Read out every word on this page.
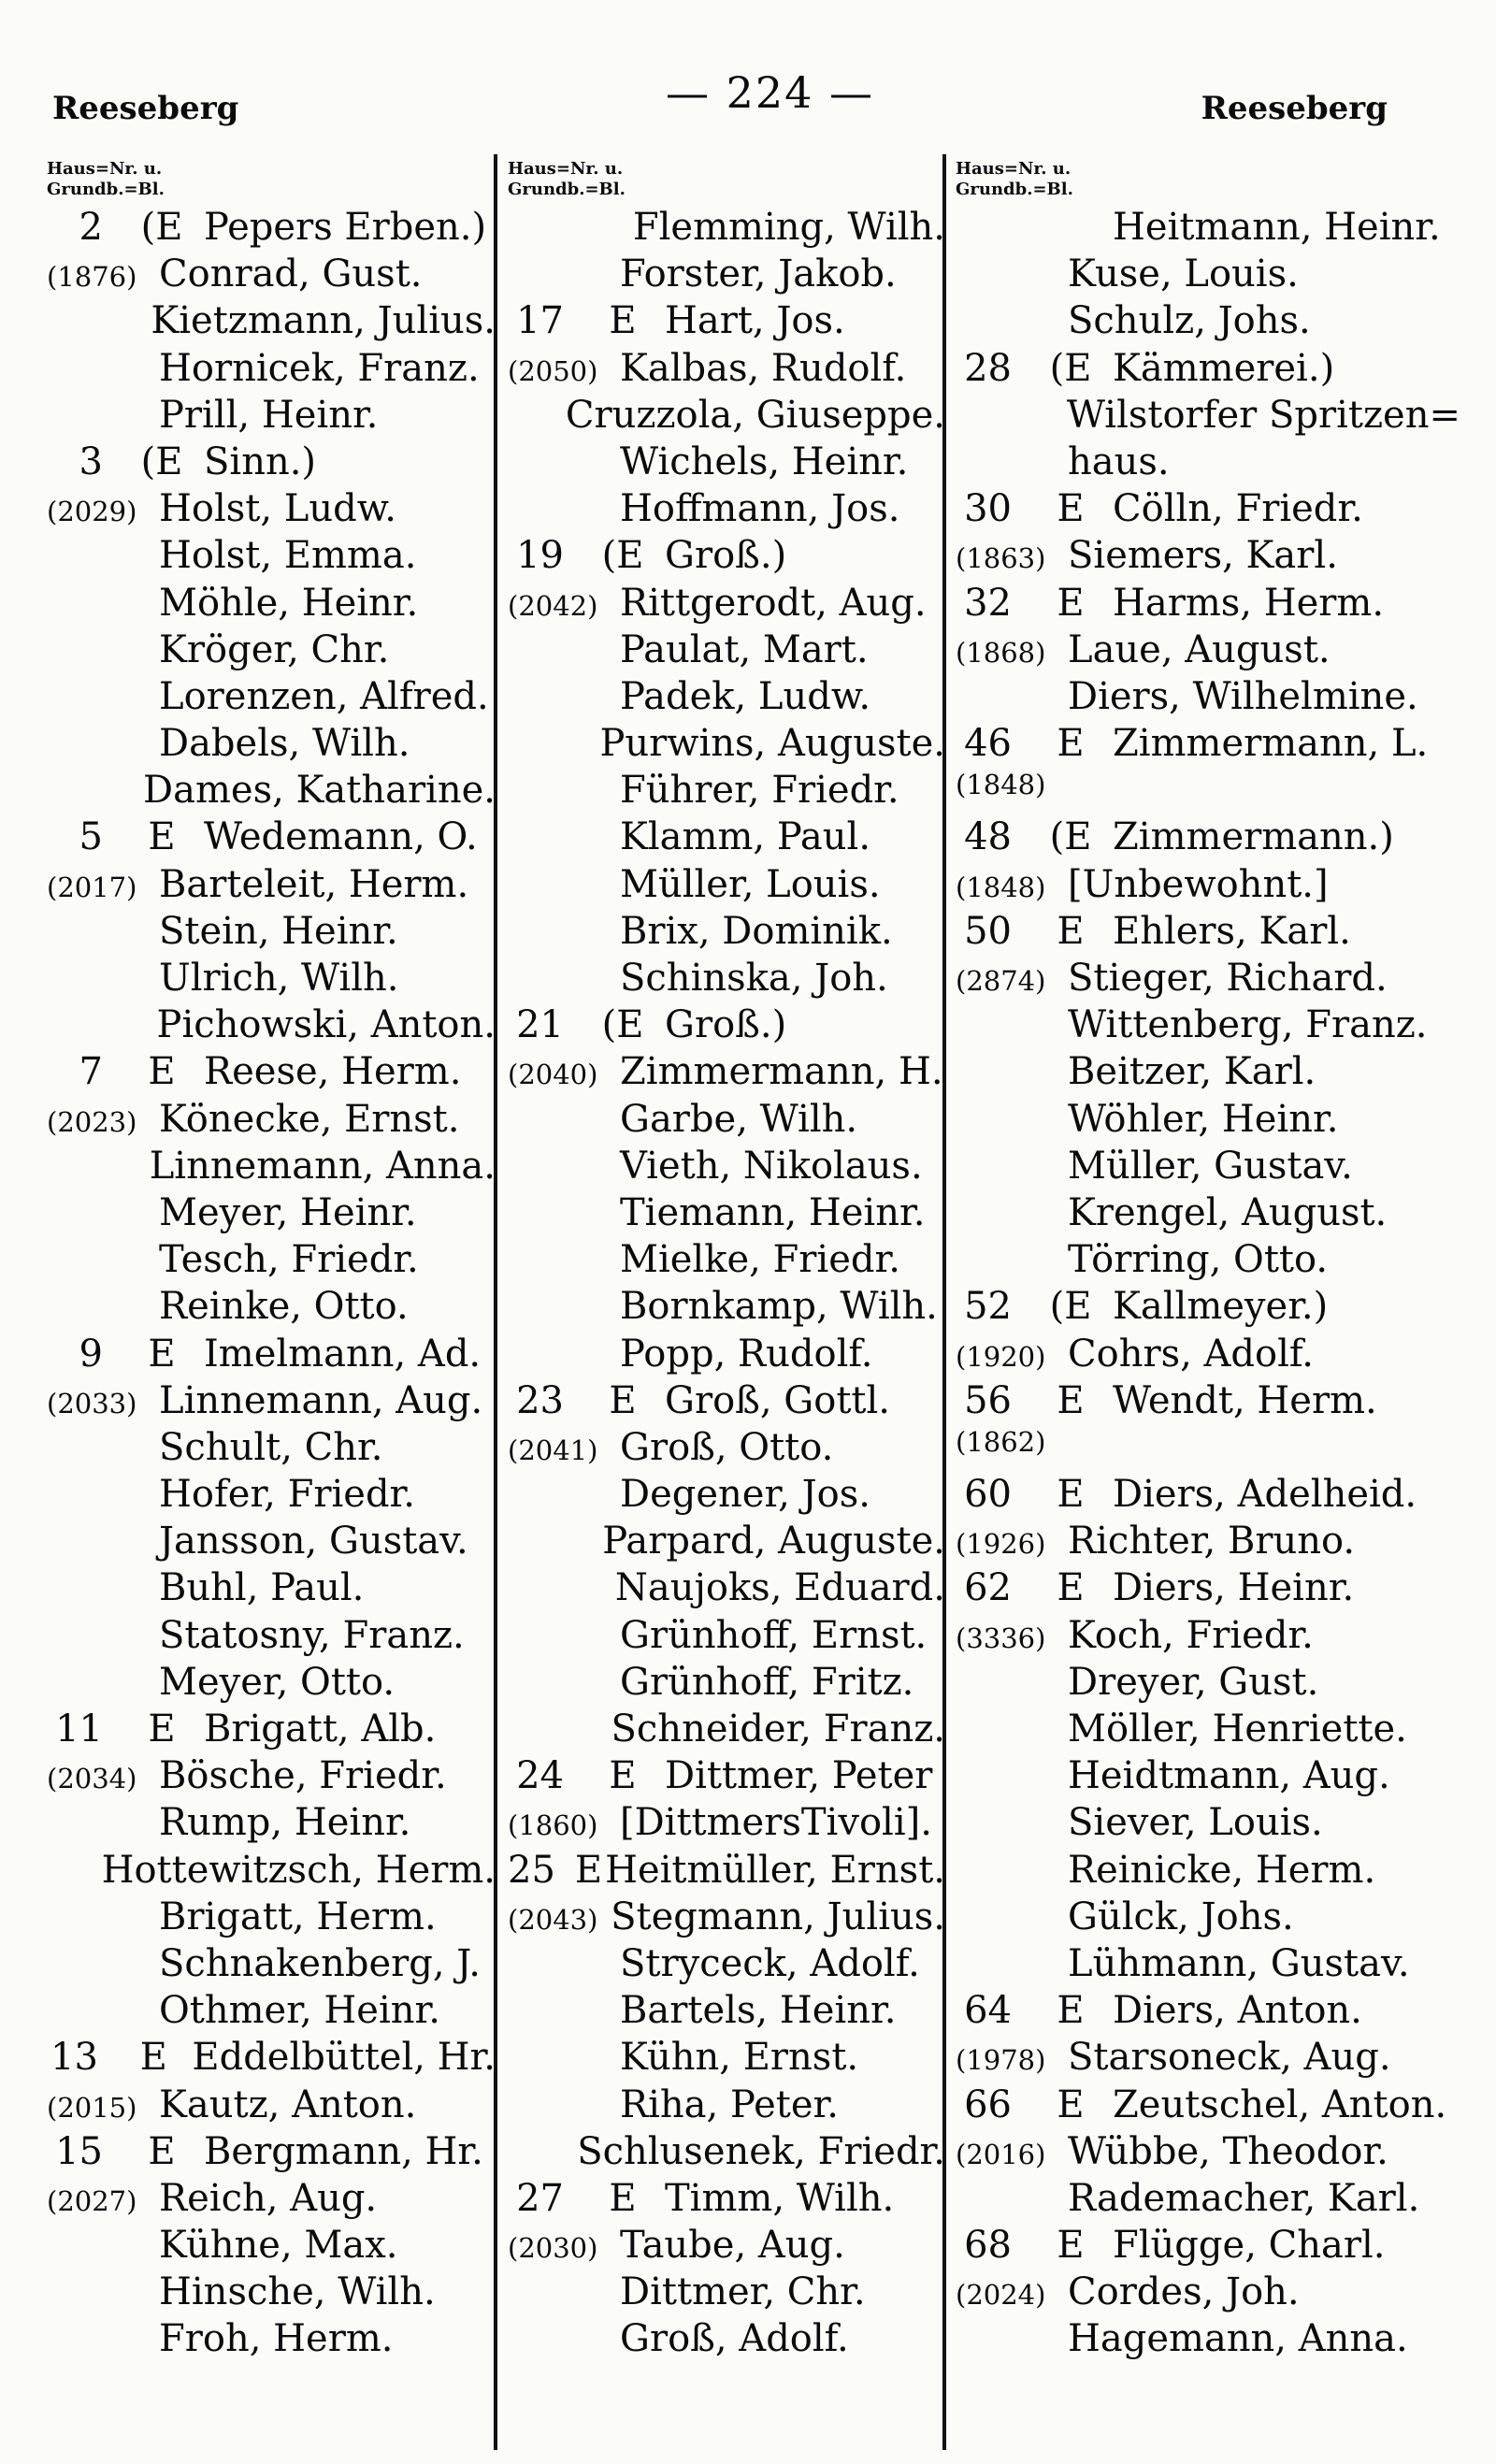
Reeseberg	— 224 —	Reeseberg
Haus=Nr. u.
Grundb.=Bl.
2	(E Pepers Erben.)
(1876) Conrad, Gust.
Kietzmann, Julius.
Hornicek, Franz.
Prill, Heinr.
3	(E Sinn.)
(2029) Holst, Ludw.
Holst, Emma.
Möhle, Heinr.
Kröger, Chr.
Lorenzen, Alfred.
Dabels, Wilh.
Dames, Katharine.
5	E Wedemann, O.
(2017) Barteleit, Herm.
Stein, Heinr.
Ulrich, Wilh.
Pichowski, Anton.
7	E Reese, Herm.
(2023) Könecke, Ernst.
Linnemann, Anna.
Meyer, Heinr.
Tesch, Friedr.
Reinke, Otto.
9	E Imelmann, Ad.
(2033) Linnemann, Aug.
Schult, Chr.
Hofer, Friedr.
Jansson, Gustav.
Buhl, Paul.
Statosny, Franz.
Meyer, Otto.
11	E Brigatt, Alb.
(2034) Bösche, Friedr.
Rump, Heinr.
Hottewitzsch, Herm.
Brigatt, Herm.
Schnakenberg, J.
Othmer, Heinr.
13	E Eddelbüttel, Hr.
(2015) Kautz, Anton.
15	E Bergmann, Hr.
(2027) Reich, Aug.
Kühne, Max.
Hinsche, Wilh.
Froh, Herm.
Haus=Nr. u.
Grundb.=Bl.
Flemming, Wilh.
Forster, Jakob.
17	E Hart, Jos.
(2050) Kalbas, Rudolf.
Cruzzola, Giuseppe.
Wichels, Heinr.
Hoffmann, Jos.
19	(E Groß.)
(2042) Rittgerodt, Aug.
Paulat, Mart.
Padek, Ludw.
Purwins, Auguste.
Führer, Friedr.
Klamm, Paul.
Müller, Louis.
Brix, Dominik.
Schinska, Joh.
21	(E Groß.)
(2040) Zimmermann, H.
Garbe, Wilh.
Vieth, Nikolaus.
Tiemann, Heinr.
Mielke, Friedr.
Bornkamp, Wilh.
Popp, Rudolf.
23	E Groß, Gottl.
(2041) Groß, Otto.
Degener, Jos.
Parpard, Auguste.
Naujoks, Eduard.
Grünhoff, Ernst.
Grünhoff, Fritz.
Schneider, Franz.
24	E Dittmer, Peter
(1860) [DittmersTivoli].
25 E Heitmüller, Ernst.
(2043) Stegmann, Julius.
Stryceck, Adolf.
Bartels, Heinr.
Kühn, Ernst.
Riha, Peter.
Schlusenek, Friedr.
27	E Timm, Wilh.
(2030) Taube, Aug.
Dittmer, Chr.
Groß, Adolf.
Haus=Nr. u.
Grundb.=Bl.
Heitmann, Heinr.
Kuse, Louis.
Schulz, Johs.
28	(E Kämmerei.)
Wilstorfer Spritzen=
haus.
30	E Cölln, Friedr.
(1863) Siemers, Karl.
32	E Harms, Herm.
(1868) Laue, August.
Diers, Wilhelmine.
46	E Zimmermann, L.
(1848)
48	(E Zimmermann.)
(1848) [Unbewohnt.]
50	E Ehlers, Karl.
(2874) Stieger, Richard.
Wittenberg, Franz.
Beitzer, Karl.
Wöhler, Heinr.
Müller, Gustav.
Krengel, August.
Törring, Otto.
52	(E Kallmeyer.)
(1920) Cohrs, Adolf.
56	E Wendt, Herm.
(1862)
60	E Diers, Adelheid.
(1926) Richter, Bruno.
62	E Diers, Heinr.
(3336) Koch, Friedr.
Dreyer, Gust.
Möller, Henriette.
Heidtmann, Aug.
Siever, Louis.
Reinicke, Herm.
Gülck, Johs.
Lühmann, Gustav.
64	E Diers, Anton.
(1978) Starsoneck, Aug.
66	E Zeutschel, Anton.
(2016) Wübbe, Theodor.
Rademacher, Karl.
68	E Flügge, Charl.
(2024) Cordes, Joh.
Hagemann, Anna.
